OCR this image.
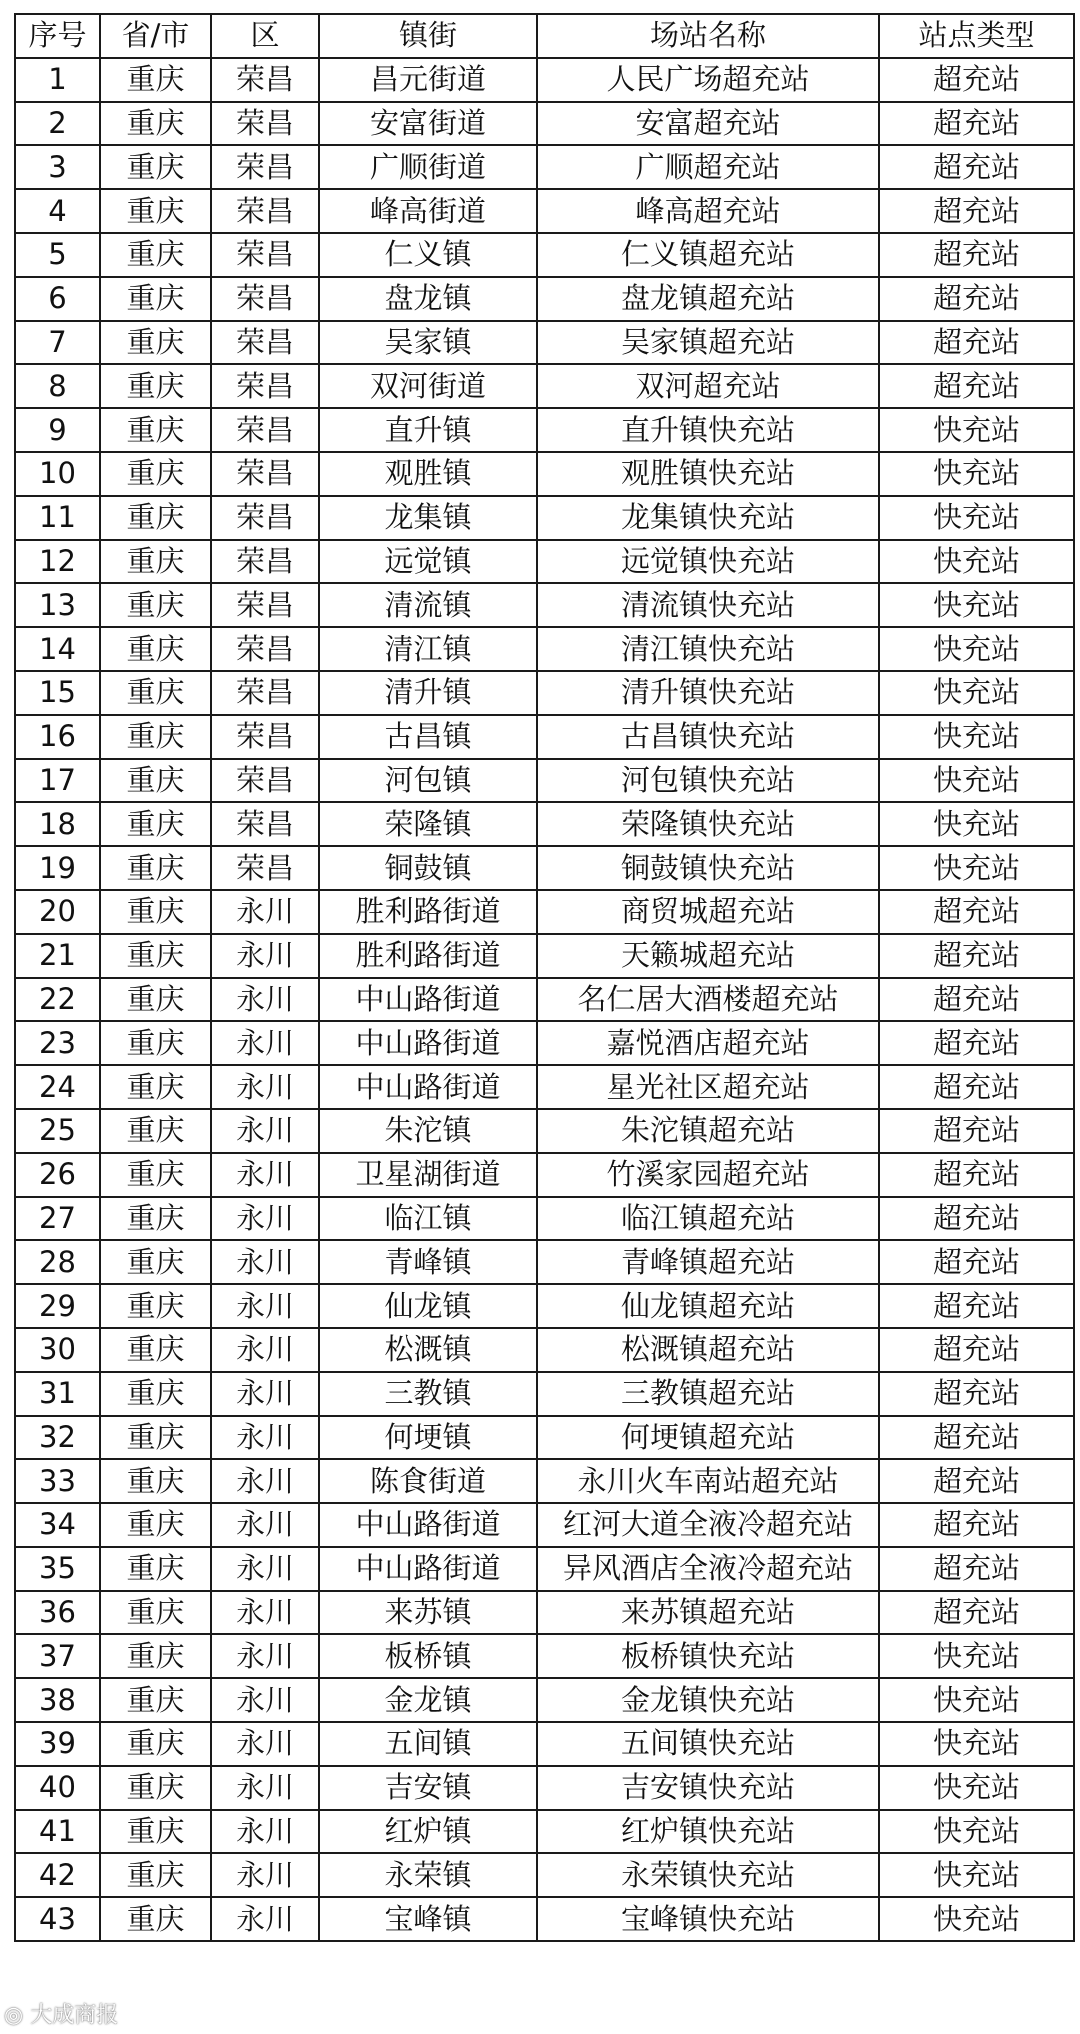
序号	省/市	区	镇街	场站名称	站点类型
1	重庆	荣昌	昌元街道	人民广场超充站	超充站
2	重庆	荣昌	安富街道	安富超充站	超充站
3	重庆	荣昌	广顺街道	广顺超充站	超充站
4	重庆	荣昌	峰高街道	峰高超充站	超充站
5	重庆	荣昌	仁义镇	仁义镇超充站	超充站
6	重庆	荣昌	盘龙镇	盘龙镇超充站	超充站
7	重庆	荣昌	吴家镇	吴家镇超充站	超充站
8	重庆	荣昌	双河街道	双河超充站	超充站
9	重庆	荣昌	直升镇	直升镇快充站	快充站
10	重庆	荣昌	观胜镇	观胜镇快充站	快充站
11	重庆	荣昌	龙集镇	龙集镇快充站	快充站
12	重庆	荣昌	远觉镇	远觉镇快充站	快充站
13	重庆	荣昌	清流镇	清流镇快充站	快充站
14	重庆	荣昌	清江镇	清江镇快充站	快充站
15	重庆	荣昌	清升镇	清升镇快充站	快充站
16	重庆	荣昌	古昌镇	古昌镇快充站	快充站
17	重庆	荣昌	河包镇	河包镇快充站	快充站
18	重庆	荣昌	荣隆镇	荣隆镇快充站	快充站
19	重庆	荣昌	铜鼓镇	铜鼓镇快充站	快充站
20	重庆	永川	胜利路街道	商贸城超充站	超充站
21	重庆	永川	胜利路街道	天籁城超充站	超充站
22	重庆	永川	中山路街道	名仁居大酒楼超充站	超充站
23	重庆	永川	中山路街道	嘉悦酒店超充站	超充站
24	重庆	永川	中山路街道	星光社区超充站	超充站
25	重庆	永川	朱沱镇	朱沱镇超充站	超充站
26	重庆	永川	卫星湖街道	竹溪家园超充站	超充站
27	重庆	永川	临江镇	临江镇超充站	超充站
28	重庆	永川	青峰镇	青峰镇超充站	超充站
29	重庆	永川	仙龙镇	仙龙镇超充站	超充站
30	重庆	永川	松溉镇	松溉镇超充站	超充站
31	重庆	永川	三教镇	三教镇超充站	超充站
32	重庆	永川	何埂镇	何埂镇超充站	超充站
33	重庆	永川	陈食街道	永川火车南站超充站	超充站
34	重庆	永川	中山路街道	红河大道全液冷超充站	超充站
35	重庆	永川	中山路街道	异风酒店全液冷超充站	超充站
36	重庆	永川	来苏镇	来苏镇超充站	超充站
37	重庆	永川	板桥镇	板桥镇快充站	快充站
38	重庆	永川	金龙镇	金龙镇快充站	快充站
39	重庆	永川	五间镇	五间镇快充站	快充站
40	重庆	永川	吉安镇	吉安镇快充站	快充站
41	重庆	永川	红炉镇	红炉镇快充站	快充站
42	重庆	永川	永荣镇	永荣镇快充站	快充站
43	重庆	永川	宝峰镇	宝峰镇快充站	快充站
◎ 大成商报
